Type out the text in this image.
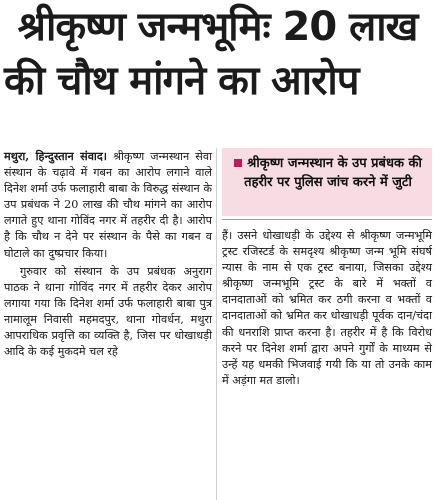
श्रीकृष्ण जन्मभूमिः 20 लाख
की चौथ मांगने का आरोप

मथुरा, हिन्दुस्तान संवाद। श्रीकृष्ण जन्मस्थान सेवा संस्थान के चढ़ावे में गबन का आरोप लगाने वाले दिनेश शर्मा उर्फ फलाहारी बाबा के विरुद्ध संस्थान के उप प्रबंधक ने 20 लाख की चौथ मांगने का आरोप लगाते हुए थाना गोविंद नगर में तहरीर दी है। आरोप है कि चौथ न देने पर संस्थान के पैसे का गबन व घोटाले का दुष्प्रचार किया।

गुरुवार को संस्थान के उप प्रबंधक अनुराग पाठक ने थाना गोविंद नगर में तहरीर देकर आरोप लगाया गया कि दिनेश शर्मा उर्फ फलाहारी बाबा पुत्र नामालूम निवासी महमदपुर, थाना गोवर्धन, मथुरा आपराधिक प्रवृत्ति का व्यक्ति है, जिस पर धोखाधड़ी आदि के कई मुकदमे चल रहे

श्रीकृष्ण जन्मस्थान के उप प्रबंधक की तहरीर पर पुलिस जांच करने में जुटी

हैं। उसने धोखाधड़ी के उद्देश्य से श्रीकृष्ण जन्मभूमि ट्रस्ट रजिस्टर्ड के समदृश्य श्रीकृष्ण जन्म भूमि संघर्ष न्यास के नाम से एक ट्रस्ट बनाया, जिसका उद्देश्य श्रीकृष्ण जन्मभूमि ट्रस्ट के बारे में भक्तों व दानदाताओं को भ्रमित कर ठगी करना व भक्तों व दानदाताओं को भ्रमित कर धोखाधड़ी पूर्वक दान/चंदा की धनराशि प्राप्त करना है। तहरीर में है कि विरोध करने पर दिनेश शर्मा द्वारा अपने गुर्गों के माध्यम से उन्हें यह धमकी भिजवाई गयी कि या तो उनके काम में अड़ंगा मत डालो।
